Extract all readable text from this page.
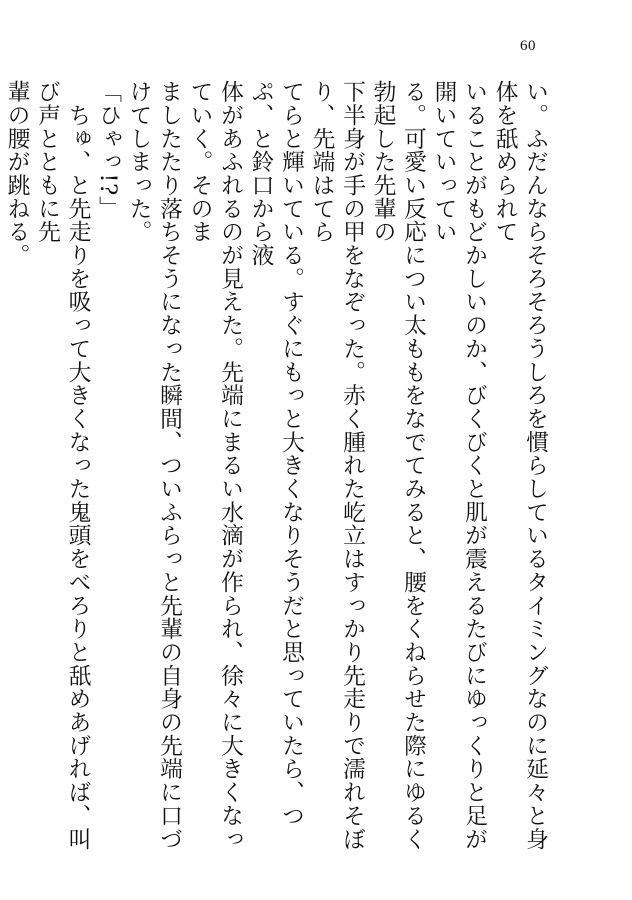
60
い。ふだんならそろそろうしろを慣らしているタイミングなのに延々と身体を舐められて
いることがもどかしいのか、びくびくと肌が震えるたびにゆっくりと足が開いていってい
る。可愛い反応につい太ももをなでてみると、腰をくねらせた際にゆるく勃起した先輩の
下半身が手の甲をなぞった。赤く腫れた屹立はすっかり先走りで濡れそぼり、先端はてら
てらと輝いている。すぐにもっと大きくなりそうだと思っていたら、つぷ、と鈴口から液
体があふれるのが見えた。先端にまるい水滴が作られ、徐々に大きくなっていく。そのま
ましたたり落ちそうになった瞬間、ついふらっと先輩の自身の先端に口づけてしまった。
「ひゃっ!?」
　ちゅ、と先走りを吸って大きくなった鬼頭をべろりと舐めあげれば、叫び声とともに先
輩の腰が跳ねる。
